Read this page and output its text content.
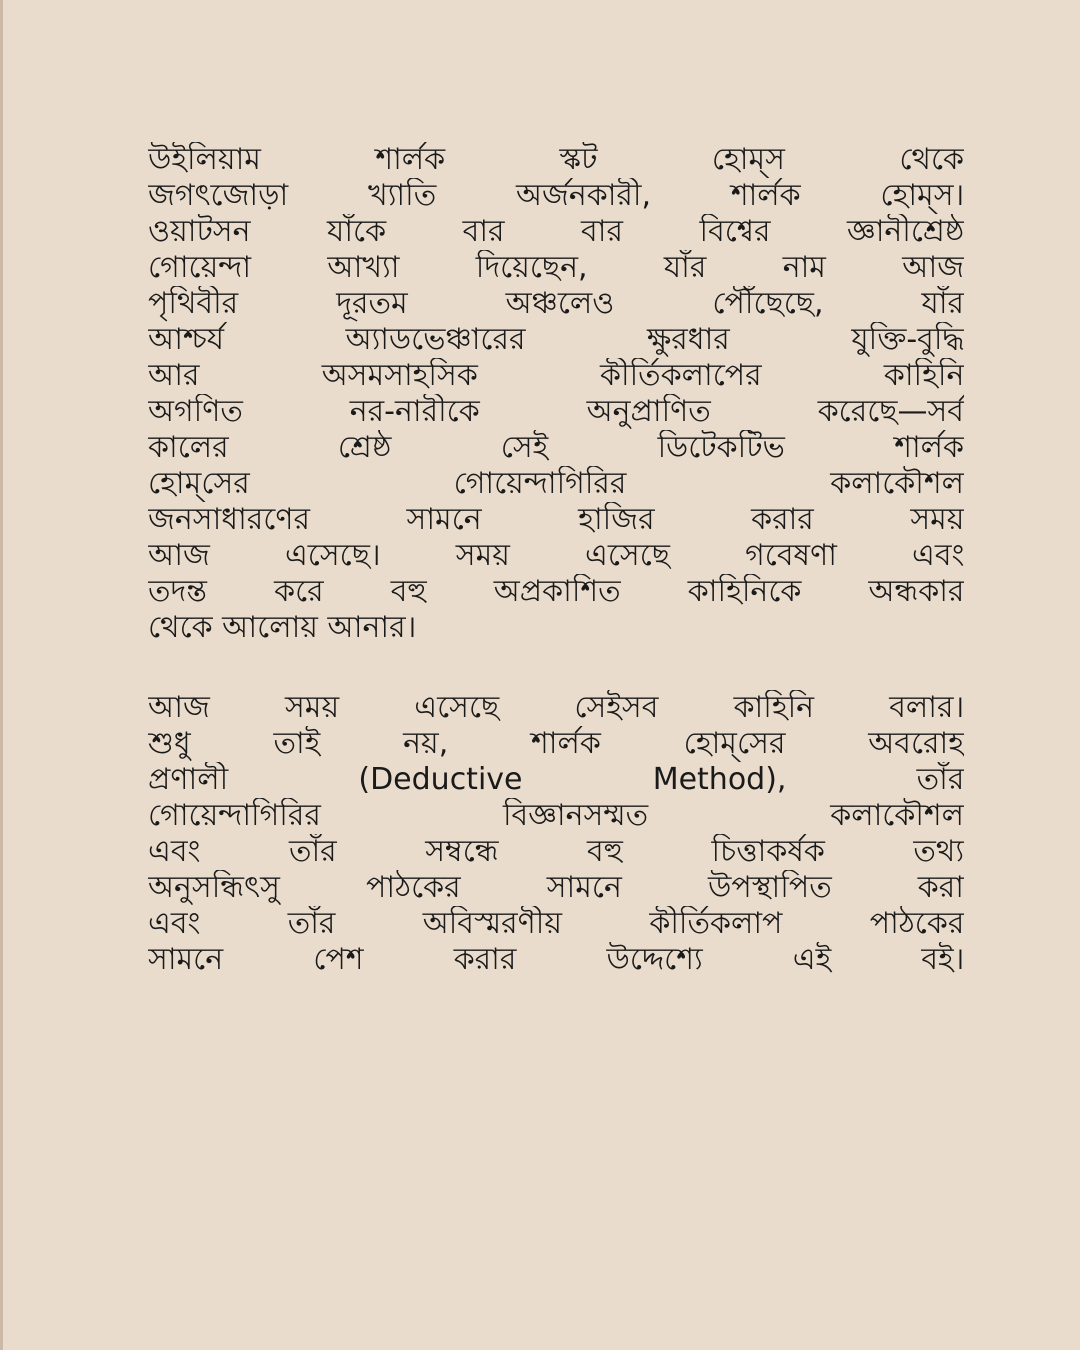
উইলিয়াম শার্লক স্কট হোম্‌স থেকে
জগৎজোড়া খ্যাতি অর্জনকারী, শার্লক হোম্‌স।
ওয়াটসন যাঁকে বার বার বিশ্বের জ্ঞানীশ্রেষ্ঠ
গোয়েন্দা আখ্যা দিয়েছেন, যাঁর নাম আজ
পৃথিবীর দূরতম অঞ্চলেও পৌঁছেছে, যাঁর
আশ্চর্য অ্যাডভেঞ্চারের ক্ষুরধার যুক্তি-বুদ্ধি
আর অসমসাহসিক কীর্তিকলাপের কাহিনি
অগণিত নর-নারীকে অনুপ্রাণিত করেছে—সর্ব
কালের শ্রেষ্ঠ সেই ডিটেকটিভ শার্লক
হোম্‌সের গোয়েন্দাগিরির কলাকৌশল
জনসাধারণের সামনে হাজির করার সময়
আজ এসেছে। সময় এসেছে গবেষণা এবং
তদন্ত করে বহু অপ্রকাশিত কাহিনিকে অন্ধকার
থেকে আলোয় আনার।
আজ সময় এসেছে সেইসব কাহিনি বলার।
শুধু তাই নয়, শার্লক হোম্‌সের অবরোহ
প্রণালী (Deductive Method), তাঁর
গোয়েন্দাগিরির বিজ্ঞানসম্মত কলাকৌশল
এবং তাঁর সম্বন্ধে বহু চিত্তাকর্ষক তথ্য
অনুসন্ধিৎসু পাঠকের সামনে উপস্থাপিত করা
এবং তাঁর অবিস্মরণীয় কীর্তিকলাপ পাঠকের
সামনে পেশ করার উদ্দেশ্যে এই বই।
